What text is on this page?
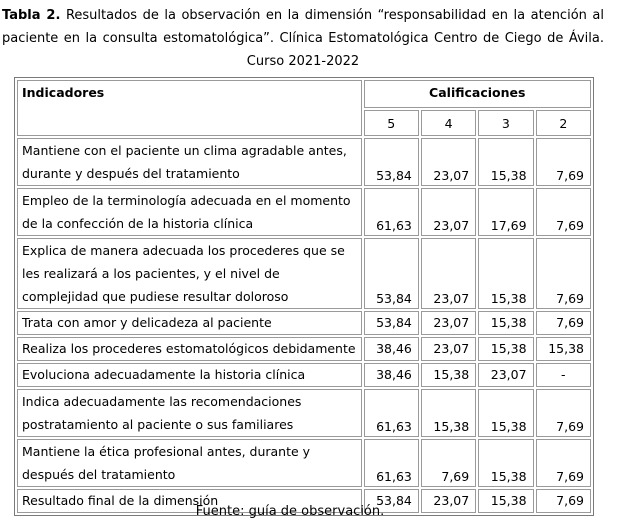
Tabla 2. Resultados de la observación en la dimensión “responsabilidad en la atención al
paciente en la consulta estomatológica”. Clínica Estomatológica Centro de Ciego de Ávila.
Curso 2021-2022
Indicadores	Calificaciones			
	5	4	3	2
Mantiene con el paciente un clima agradable antes, durante y después del tratamiento	53,84	23,07	15,38	7,69
Empleo de la terminología adecuada en el momento de la confección de la historia clínica	61,63	23,07	17,69	7,69
Explica de manera adecuada los procederes que se les realizará a los pacientes, y el nivel de complejidad que pudiese resultar doloroso	53,84	23,07	15,38	7,69
Trata con amor y delicadeza al paciente	53,84	23,07	15,38	7,69
Realiza los procederes estomatológicos debidamente	38,46	23,07	15,38	15,38
Evoluciona adecuadamente la historia clínica	38,46	15,38	23,07	-
Indica adecuadamente las recomendaciones postratamiento al paciente o sus familiares	61,63	15,38	15,38	7,69
Mantiene la ética profesional antes, durante y después del tratamiento	61,63	7,69	15,38	7,69
Resultado final de la dimensión	53,84	23,07	15,38	7,69
Fuente: guía de observación.
